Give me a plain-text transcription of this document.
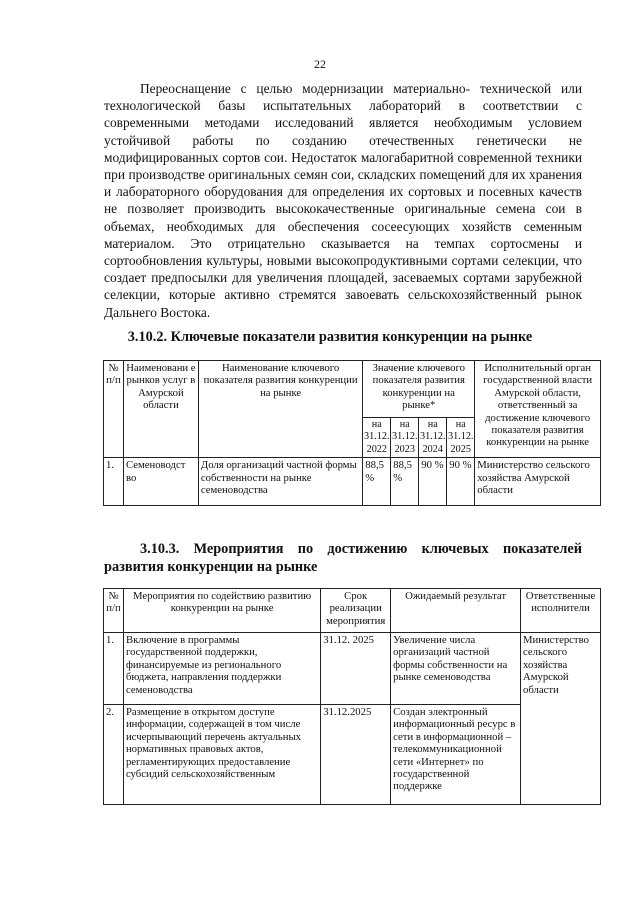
22

Переоснащение с целью модернизации материально- технической или технологической базы испытательных лабораторий в соответствии с современными методами исследований является необходимым условием устойчивой работы по созданию отечественных генетически не модифицированных сортов сои. Недостаток малогабаритной современной техники при производстве оригинальных семян сои, складских помещений для их хранения и лабораторного оборудования для определения их сортовых и посевных качеств не позволяет производить высококачественные оригинальные семена сои в объемах, необходимых для обеспечения сосеесующих хозяйств семенным материалом. Это отрицательно сказывается на темпах сортосмены и сортообновления культуры, новыми высокопродуктивными сортами селекции, что создает предпосылки для увеличения площадей, засеваемых сортами зарубежной селекции, которые активно стремятся завоевать сельскохозяйственный рынок Дальнего Востока.

3.10.2. Ключевые показатели развития конкуренции на рынке
№ п/п	Наименовани е рынков услуг в Амурской области	Наименование ключевого показателя развития конкуренции на рынке	Значение ключевого показателя развития конкуренции на рынке*				Исполнительный орган государственной власти Амурской области, ответственный за достижение ключевого показателя развития конкуренции на рынке
			на 31.12. 2022	на 31.12. 2023	на 31.12. 2024	на 31.12. 2025	
1.	Семеноводст во	Доля организаций частной формы собственности на рынке семеноводства	88,5 %	88,5 %	90 %	90 %	Министерство сельского хозяйства Амурской области
3.10.3. Мероприятия по достижению ключевых показателей развития конкуренции на рынке
№ п/п	Мероприятия по содействию развитию конкуренции на рынке	Срок реализации мероприятия	Ожидаемый результат	Ответственные исполнители
1.	Включение в программы государственной поддержки, финансируемые из регионального бюджета, направления поддержки семеноводства	31.12. 2025	Увеличение числа организаций частной формы собственности на рынке семеноводства	Министерство сельского хозяйства Амурской области
2.	Размещение в открытом доступе информации, содержащей в том числе исчерпывающий перечень актуальных нормативных правовых актов, регламентирующих предоставление субсидий сельскохозяйственным	31.12.2025	Создан электронный информационный ресурс в сети в информационной –телекоммуникационной сети «Интернет» по государственной поддержке	
